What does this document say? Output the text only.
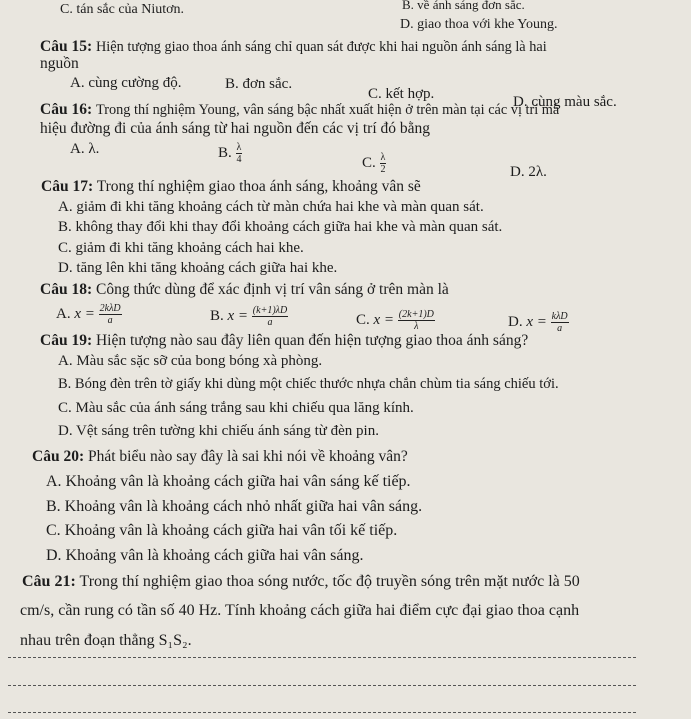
C. tán sắc của Niutơn.	B. về ánh sáng đơn sắc.
D. giao thoa với khe Young.
Câu 15: Hiện tượng giao thoa ánh sáng chỉ quan sát được khi hai nguồn ánh sáng là hai
nguồn
A. cùng cường độ.	B. đơn sắc.
C. kết hợp.	D. cùng màu sắc.
Câu 16: Trong thí nghiệm Young, vân sáng bậc nhất xuất hiện ở trên màn tại các vị trí mà
hiệu đường đi của ánh sáng từ hai nguồn đến các vị trí đó bằng
A. λ.	B. $\frac{\lambda}{4}$	C. $\frac{\lambda}{2}$	D. 2λ.
Câu 17: Trong thí nghiệm giao thoa ánh sáng, khoảng vân sẽ
A. giảm đi khi tăng khoảng cách từ màn chứa hai khe và màn quan sát.
B. không thay đổi khi thay đổi khoảng cách giữa hai khe và màn quan sát.
C. giảm đi khi tăng khoảng cách hai khe.
D. tăng lên khi tăng khoảng cách giữa hai khe.
Câu 18: Công thức dùng để xác định vị trí vân sáng ở trên màn là
A. $x = \frac{\text{2kλD}}{a}$	B. $x = \frac{(k+1)\lambda D}{a}$	C. $x = \frac{(2k+1)D}{\lambda}$	D. $x = \frac{\text{kλD}}{a}$
Câu 19: Hiện tượng nào sau đây liên quan đến hiện tượng giao thoa ánh sáng?
A. Màu sắc sặc sỡ của bong bóng xà phòng.
B. Bóng đèn trên tờ giấy khi dùng một chiếc thước nhựa chắn chùm tia sáng chiếu tới.
C. Màu sắc của ánh sáng trắng sau khi chiếu qua lăng kính.
D. Vệt sáng trên tường khi chiếu ánh sáng từ đèn pin.
Câu 20: Phát biểu nào say đây là sai khi nói về khoảng vân?
A. Khoảng vân là khoảng cách giữa hai vân sáng kế tiếp.
B. Khoảng vân là khoảng cách nhỏ nhất giữa hai vân sáng.
C. Khoảng vân là khoảng cách giữa hai vân tối kế tiếp.
D. Khoảng vân là khoảng cách giữa hai vân sáng.
Câu 21: Trong thí nghiệm giao thoa sóng nước, tốc độ truyền sóng trên mặt nước là 50
cm/s, cần rung có tần số 40 Hz. Tính khoảng cách giữa hai điểm cực đại giao thoa cạnh
nhau trên đoạn thẳng S₁S₂.
